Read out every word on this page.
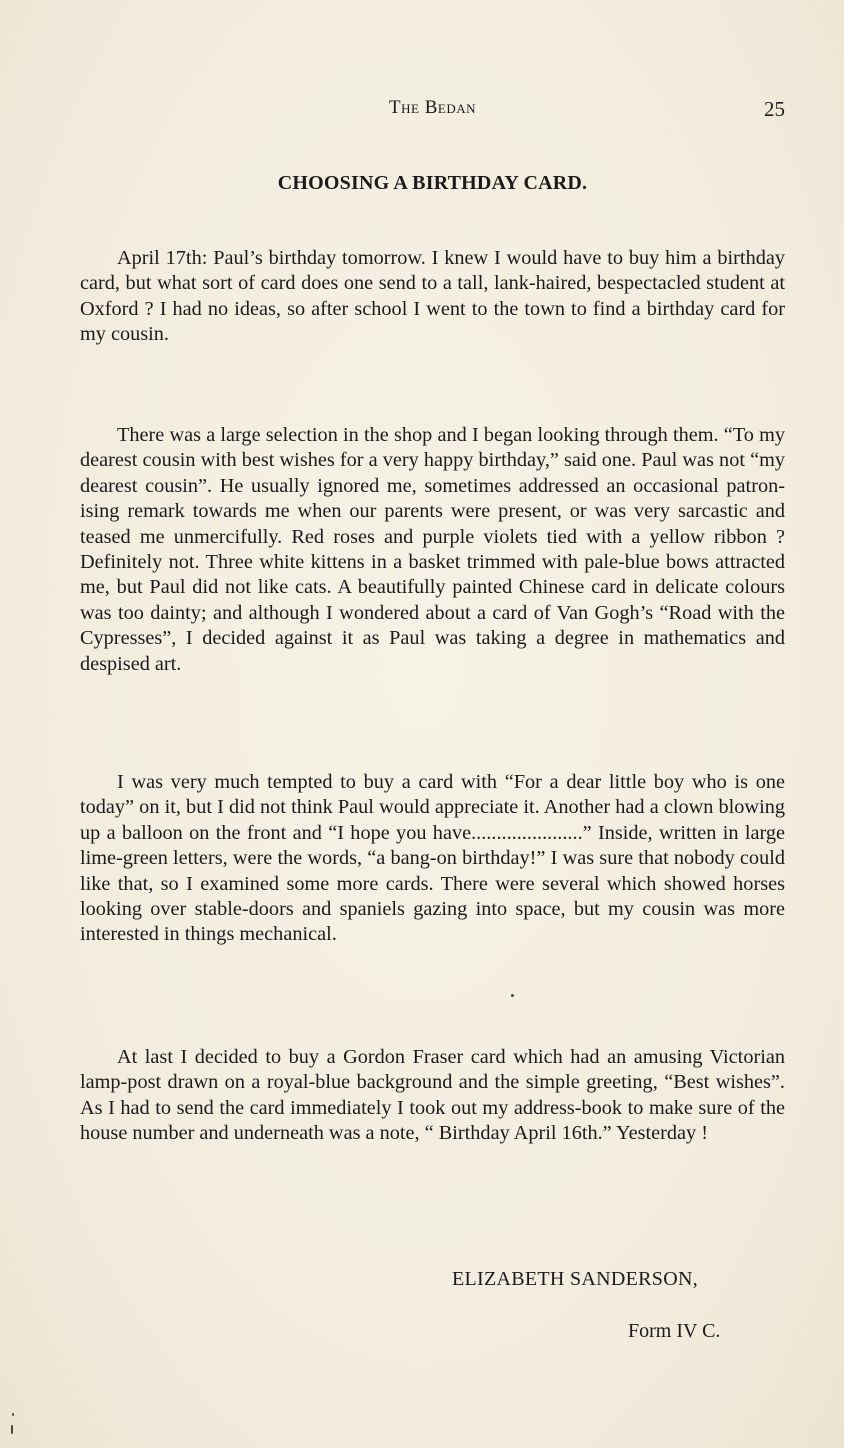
The Bedan	25
CHOOSING A BIRTHDAY CARD.

April 17th: Paul’s birthday tomorrow. I knew I would have to buy him a birthday card, but what sort of card does one send to a tall, lank-haired, bespectacled student at Oxford ? I had no ideas, so after school I went to the town to find a birthday card for my cousin.

There was a large selection in the shop and I began looking through them. “To my dearest cousin with best wishes for a very happy birthday,” said one. Paul was not “my dearest cousin”. He usually ignored me, sometimes addressed an occasional patron-ising remark towards me when our parents were present, or was very sarcastic and teased me unmercifully. Red roses and purple violets tied with a yellow ribbon ? Definitely not. Three white kittens in a basket trimmed with pale-blue bows attracted me, but Paul did not like cats. A beautifully painted Chinese card in delicate colours was too dainty; and although I wondered about a card of Van Gogh’s “Road with the Cypresses”, I decided against it as Paul was taking a degree in mathematics and despised art.

I was very much tempted to buy a card with “For a dear little boy who is one today” on it, but I did not think Paul would appreciate it. Another had a clown blowing up a balloon on the front and “I hope you have......................” Inside, written in large lime-green letters, were the words, “a bang-on birthday!” I was sure that nobody could like that, so I examined some more cards. There were several which showed horses looking over stable-doors and spaniels gazing into space, but my cousin was more interested in things mechanical.

At last I decided to buy a Gordon Fraser card which had an amusing Victorian lamp-post drawn on a royal-blue background and the simple greeting, “Best wishes”. As I had to send the card immediately I took out my address-book to make sure of the house number and underneath was a note, “ Birthday April 16th.” Yesterday !

ELIZABETH SANDERSON,
Form IV C.
